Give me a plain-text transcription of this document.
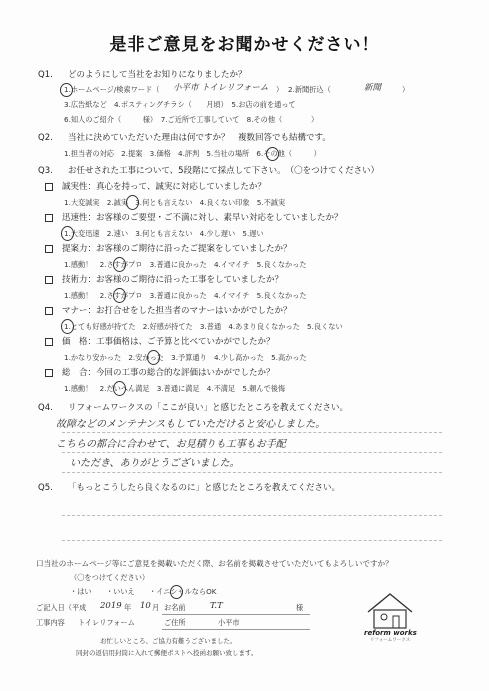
是非ご意見をお聞かせください！
Q1. どのようにして当社をお知りになりましたか？
1.ホームページ/検索ワード（ 小平市 トイレリフォーム ） 2.新聞折込（	新聞	）
3.広告紙など　4.ポスティングチラシ（　　月頃）　5.お店の前を通って
6.知人のご紹介（　　　様）　7.ご近所で工事していて　8.その他（　　　　）
Q2. 当社に決めていただいた理由は何ですか？　複数回答でも結構です。
1.担当者の対応　2.提案　3.価格　4.評判　5.当社の場所　6.その他（　　　）
Q3. お任せされた工事について、5段階にて採点して下さい。　（〇をつけてください）
誠実性：真心を持って、誠実に対応していましたか？
1.大変誠実　2.誠実　3.何とも言えない　4.良くない印象　5.不誠実
迅速性：お客様のご要望・ご不満に対し、素早い対応をしていましたか？
1.大変迅速　2.速い　3.何とも言えない　4.少し遅い　5.遅い
提案力：お客様のご期待に沿ったご提案をしていましたか？
1.感動！　2.さすがプロ　3.普通に良かった　4.イマイチ　5.良くなかった
技術力：お客様のご期待に沿った工事をしていましたか？
1.感動！　2.さすがプロ　3.普通に良かった　4.イマイチ　5.良くなかった
マナー：お打合せをした担当者のマナーはいかがでしたか？
1.とても好感が持てた　2.好感が持てた　3.普通　4.あまり良くなかった　5.良くない
価　格：工事価格は、ご予算と比べていかがでしたか？
1.かなり安かった　2.安かった　3.予算通り　4.少し高かった　5.高かった
総　合：今回の工事の総合的な評価はいかがでしたか？
1.感動！　2.だいへん満足　3.普通に満足　4.不満足　5.頼んで後悔
Q4. リフォームワークスの「ここが良い」と感じたところを教えてください。
故障などのメンテナンスもしていただけると安心しました。
こちらの都合に合わせて、お見積りも工事もお手配
いただき、ありがとうございました。
Q5. 「もっとこうしたら良くなるのに」と感じたところを教えてください。
口当社のホームページ等にご意見を掲載いただく際、お名前を掲載させていただいてもよろしいですか？
（〇をつけてください）
・はい　　・いいえ　　・イニシャルならOK
ご記入日（平成 2019 年 10 月 お名前	T.T	様
工事内容 トイレリフォーム	ご住所	小平市
お忙しいところ、ご協力有難うございました。
同封の返信用封筒に入れて郵便ポストへ投函お願い致します。
reform works
リフォームワークス
